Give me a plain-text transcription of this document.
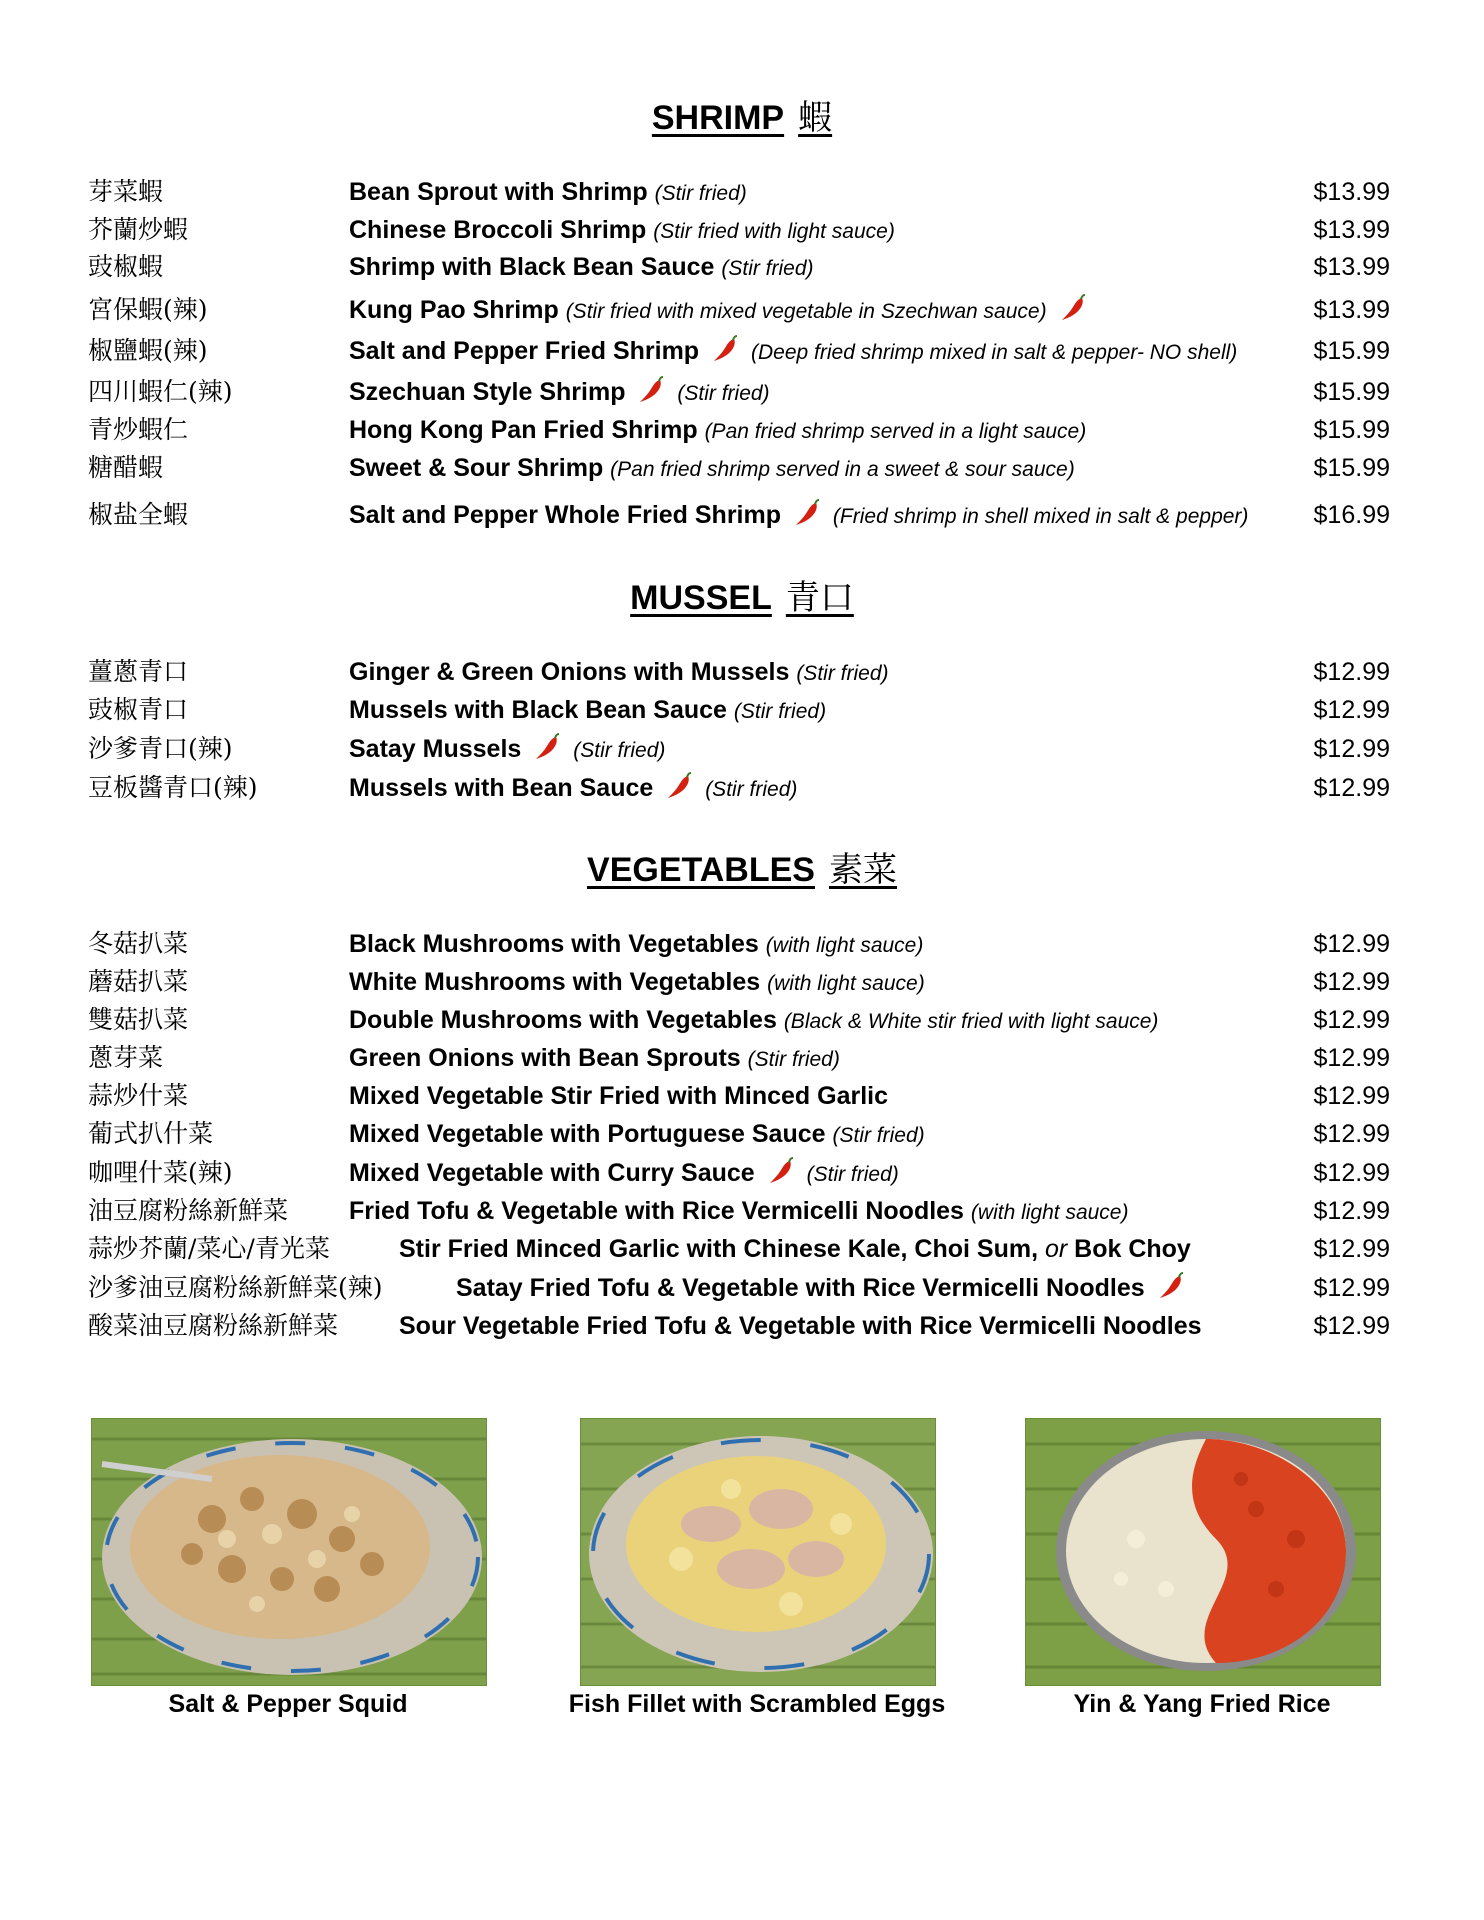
SHRIMP 蝦
芽菜蝦	Bean Sprout with Shrimp (Stir fried)	$13.99
芥蘭炒蝦	Chinese Broccoli Shrimp (Stir fried with light sauce)	$13.99
豉椒蝦	Shrimp with Black Bean Sauce (Stir fried)	$13.99
宮保蝦(辣)	Kung Pao Shrimp (Stir fried with mixed vegetable in Szechwan sauce)	$13.99
椒鹽蝦(辣)	Salt and Pepper Fried Shrimp (Deep fried shrimp mixed in salt & pepper- NO shell)	$15.99
四川蝦仁(辣)	Szechuan Style Shrimp (Stir fried)	$15.99
青炒蝦仁	Hong Kong Pan Fried Shrimp (Pan fried shrimp served in a light sauce)	$15.99
糖醋蝦	Sweet & Sour Shrimp (Pan fried shrimp served in a sweet & sour sauce)	$15.99
椒盐全蝦	Salt and Pepper Whole Fried Shrimp (Fried shrimp in shell mixed in salt & pepper)	$16.99
MUSSEL 青口
薑蔥青口	Ginger & Green Onions with Mussels (Stir fried)	$12.99
豉椒青口	Mussels with Black Bean Sauce (Stir fried)	$12.99
沙爹青口(辣)	Satay Mussels (Stir fried)	$12.99
豆板醬青口(辣)	Mussels with Bean Sauce (Stir fried)	$12.99
VEGETABLES 素菜
冬菇扒菜	Black Mushrooms with Vegetables (with light sauce)	$12.99
蘑菇扒菜	White Mushrooms with Vegetables (with light sauce)	$12.99
雙菇扒菜	Double Mushrooms with Vegetables (Black & White stir fried with light sauce)	$12.99
蔥芽菜	Green Onions with Bean Sprouts (Stir fried)	$12.99
蒜炒什菜	Mixed Vegetable Stir Fried with Minced Garlic	$12.99
葡式扒什菜	Mixed Vegetable with Portuguese Sauce (Stir fried)	$12.99
咖哩什菜(辣)	Mixed Vegetable with Curry Sauce (Stir fried)	$12.99
油豆腐粉絲新鮮菜 Fried Tofu & Vegetable with Rice Vermicelli Noodles (with light sauce)	$12.99
蒜炒芥蘭/菜心/青光菜	Stir Fried Minced Garlic with Chinese Kale, Choi Sum, or Bok Choy	$12.99
沙爹油豆腐粉絲新鮮菜(辣)	Satay Fried Tofu & Vegetable with Rice Vermicelli Noodles	$12.99
酸菜油豆腐粉絲新鮮菜 Sour Vegetable Fried Tofu & Vegetable with Rice Vermicelli Noodles	$12.99
Salt & Pepper Squid	Fish Fillet with Scrambled Eggs	Yin & Yang Fried Rice
